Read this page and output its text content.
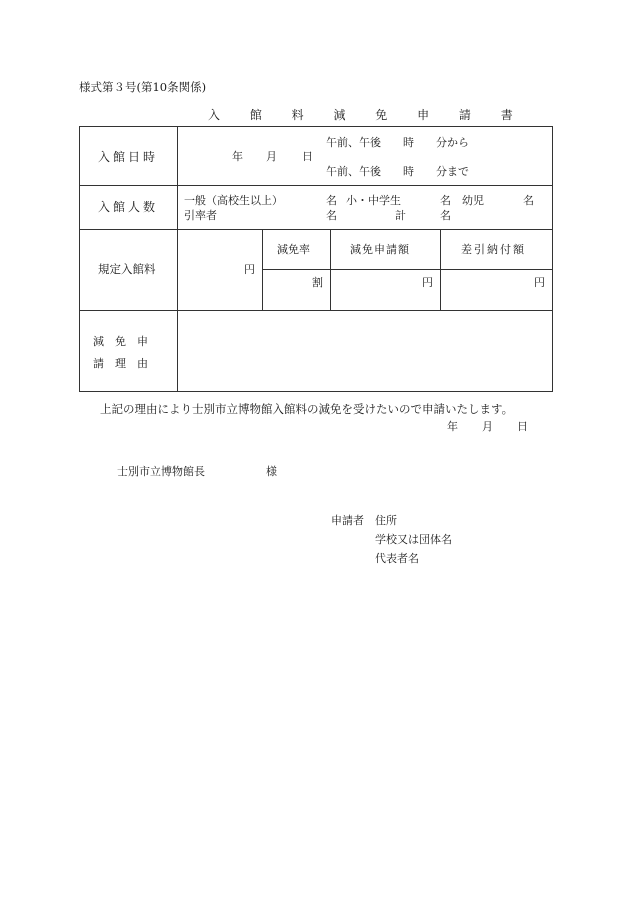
様式第３号(第10条関係)
入 館 料 減 免 申 請 書
入館日時	年 月 日
午前、午後　　時　　分から
午前、午後　　時　　分まで
入館人数 一般（高校生以上）	名 小・中学生	名 幼児	名
引率者	名	計	名
規定入館料	円
減免率	減免申請額	差引納付額
割	円	円
減　免　申
請　理　由
上記の理由により士別市立博物館入館料の減免を受けたいので申請いたします。
年 月 日
士別市立博物館長	様
申請者 住所
学校又は団体名
代表者名
